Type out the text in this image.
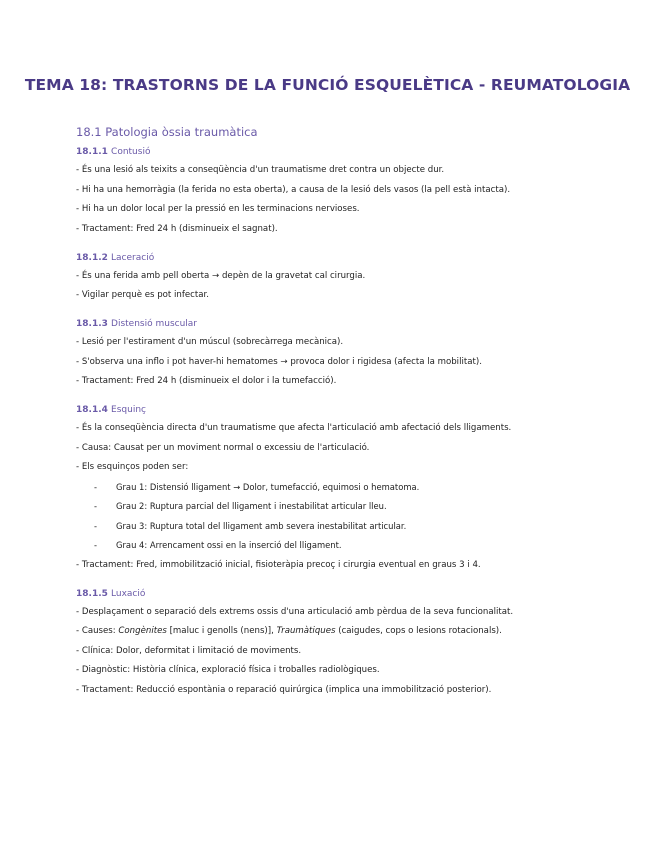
TEMA 18: TRASTORNS DE LA FUNCIÓ ESQUELÈTICA - REUMATOLOGIA
18.1 Patologia òssia traumàtica
18.1.1 Contusió
- És una lesió als teixits a conseqüència d'un traumatisme dret contra un objecte dur.
- Hi ha una hemorràgia (la ferida no esta oberta), a causa de la lesió dels vasos (la pell està intacta).
- Hi ha un dolor local per la pressió en les terminacions nervioses.
- Tractament: Fred 24 h (disminueix el sagnat).
18.1.2 Laceració
- És una ferida amb pell oberta → depèn de la gravetat cal cirurgia.
- Vigilar perquè es pot infectar.
18.1.3 Distensió muscular
- Lesió per l'estirament d'un múscul (sobrecàrrega mecànica).
- S'observa una inflo i pot haver-hi hematomes → provoca dolor i rigidesa (afecta la mobilitat).
- Tractament: Fred 24 h (disminueix el dolor i la tumefacció).
18.1.4 Esquinç
- És la conseqüència directa d'un traumatisme que afecta l'articulació amb afectació dels lligaments.
- Causa: Causat per un moviment normal o excessiu de l'articulació.
- Els esquinços poden ser:
- Grau 1: Distensió lligament → Dolor, tumefacció, equimosi o hematoma.
- Grau 2: Ruptura parcial del lligament i inestabilitat articular lleu.
- Grau 3: Ruptura total del lligament amb severa inestabilitat articular.
- Grau 4: Arrencament ossi en la inserció del lligament.
- Tractament: Fred, immobilització inicial, fisioteràpia precoç i cirurgia eventual en graus 3 i 4.
18.1.5 Luxació
- Desplaçament o separació dels extrems ossis d'una articulació amb pèrdua de la seva funcionalitat.
- Causes: Congènites [maluc i genolls (nens)], Traumàtiques (caigudes, cops o lesions rotacionals).
- Clínica: Dolor, deformitat i limitació de moviments.
- Diagnòstic: Història clínica, exploració física i troballes radiològiques.
- Tractament: Reducció espontània o reparació quirúrgica (implica una immobilització posterior).
